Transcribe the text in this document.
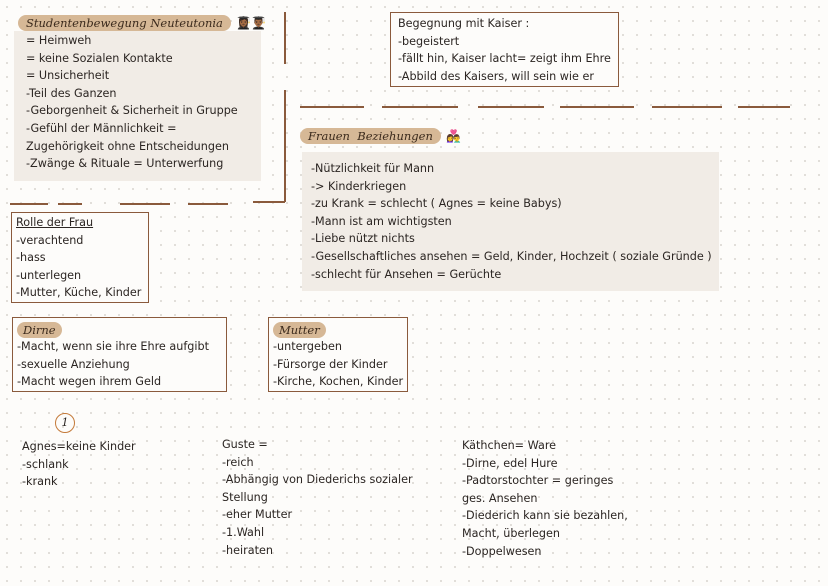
Studentenbewegung Neuteutonia 👩🏾‍🎓👨🏾‍🎓
= Heimweh
= keine Sozialen Kontakte
= Unsicherheit
-Teil des Ganzen
-Geborgenheit & Sicherheit in Gruppe
-Gefühl der Männlichkeit =
Zugehörigkeit ohne Entscheidungen
-Zwänge & Rituale = Unterwerfung
Begegnung mit Kaiser :
-begeistert
-fällt hin, Kaiser lacht= zeigt ihm Ehre
-Abbild des Kaisers, will sein wie er
Frauen  Beziehungen 👩‍❤️‍👨
-Nützlichkeit für Mann
-> Kinderkriegen
-zu Krank = schlecht ( Agnes = keine Babys)
-Mann ist am wichtigsten
-Liebe nützt nichts
-Gesellschaftliches ansehen = Geld, Kinder, Hochzeit ( soziale Gründe )
-schlecht für Ansehen = Gerüchte
Rolle der Frau
-verachtend
-hass
-unterlegen
-Mutter, Küche, Kinder
Dirne
-Macht, wenn sie ihre Ehre aufgibt
-sexuelle Anziehung
-Macht wegen ihrem Geld
Mutter
-untergeben
-Fürsorge der Kinder
-Kirche, Kochen, Kinder
1
Agnes=keine Kinder
-schlank
-krank
Guste =
-reich
-Abhängig von Diederichs sozialer
Stellung
-eher Mutter
-1.Wahl
-heiraten
Käthchen= Ware
-Dirne, edel Hure
-Padtorstochter = geringes
ges. Ansehen
-Diederich kann sie bezahlen,
Macht, überlegen
-Doppelwesen
